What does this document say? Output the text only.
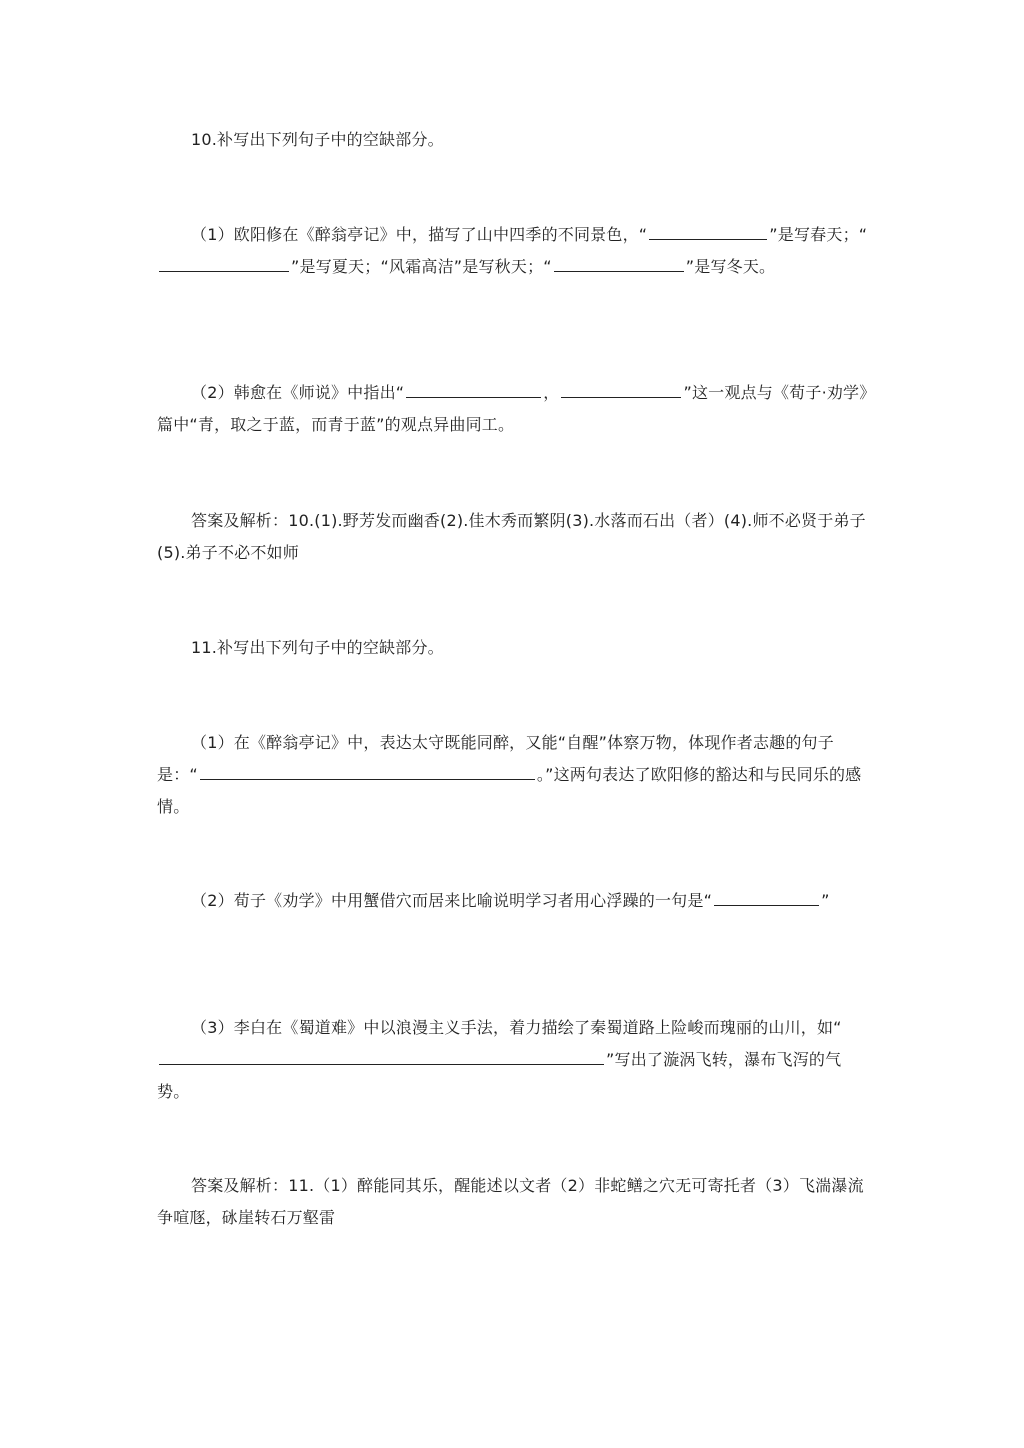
10.补写出下列句子中的空缺部分。

（1）欧阳修在《醉翁亭记》中，描写了山中四季的不同景色，“	”是写春天；“”是写夏天；“风霜高洁”是写秋天；“	”是写冬天。

（2）韩愈在《师说》中指出“	，	”这一观点与《荀子·劝学》篇中“青，取之于蓝，而青于蓝”的观点异曲同工。

答案及解析：10.(1).野芳发而幽香(2).佳木秀而繁阴(3).水落而石出（者）(4).师不必贤于弟子(5).弟子不必不如师

11.补写出下列句子中的空缺部分。

（1）在《醉翁亭记》中，表达太守既能同醉，又能“自醒”体察万物，体现作者志趣的句子是：“	。”这两句表达了欧阳修的豁达和与民同乐的感情。

（2）荀子《劝学》中用蟹借穴而居来比喻说明学习者用心浮躁的一句是“	”

（3）李白在《蜀道难》中以浪漫主义手法，着力描绘了秦蜀道路上险峻而瑰丽的山川，如“”写出了漩涡飞转，瀑布飞泻的气势。

答案及解析：11.（1）醉能同其乐，醒能述以文者（2）非蛇鳝之穴无可寄托者（3）飞湍瀑流争喧豗，砯崖转石万壑雷
